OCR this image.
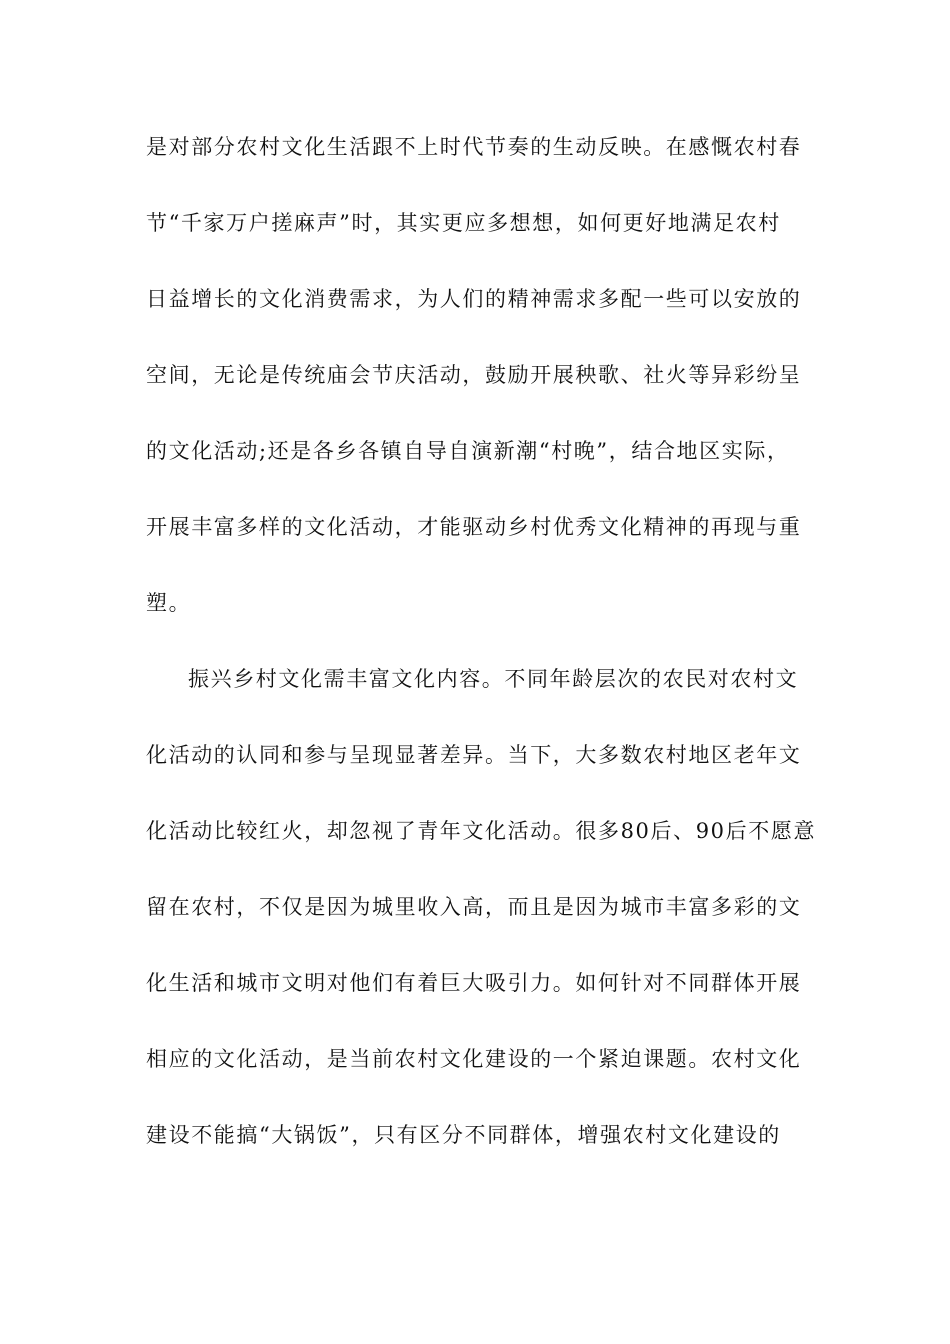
是对部分农村文化生活跟不上时代节奏的生动反映。在感慨农村春
节“千家万户搓麻声”时，其实更应多想想，如何更好地满足农村
日益增长的文化消费需求，为人们的精神需求多配一些可以安放的
空间，无论是传统庙会节庆活动，鼓励开展秧歌、社火等异彩纷呈
的文化活动;还是各乡各镇自导自演新潮“村晚”，结合地区实际，
开展丰富多样的文化活动，才能驱动乡村优秀文化精神的再现与重
塑。
振兴乡村文化需丰富文化内容。不同年龄层次的农民对农村文
化活动的认同和参与呈现显著差异。当下，大多数农村地区老年文
化活动比较红火，却忽视了青年文化活动。很多80后、90后不愿意
留在农村，不仅是因为城里收入高，而且是因为城市丰富多彩的文
化生活和城市文明对他们有着巨大吸引力。如何针对不同群体开展
相应的文化活动，是当前农村文化建设的一个紧迫课题。农村文化
建设不能搞“大锅饭”，只有区分不同群体，增强农村文化建设的
